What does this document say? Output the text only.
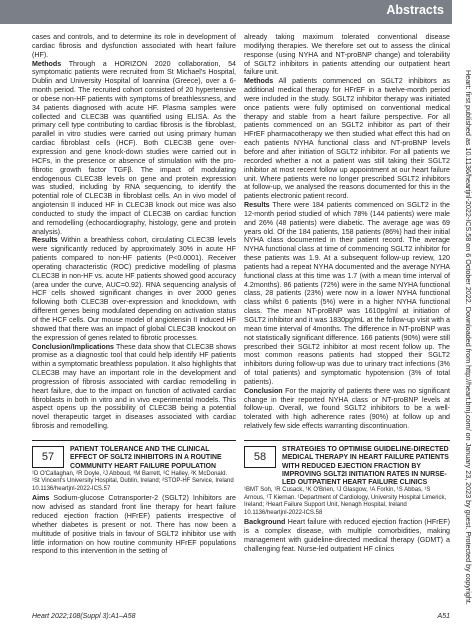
Abstracts
Heart: first published as 10.1136/heartjnl-2022-ICS.58 on 6 October 2022. Downloaded from http://heart.bmj.com/ on January 23, 2023 by guest. Protected by copyright.

cases and controls, and to determine its role in development of cardiac fibrosis and dysfunction associated with heart failure (HF).

Methods Through a HORIZON 2020 collaboration, 54 symptomatic patients were recruited from St Michael's Hospital, Dublin and University Hospital of Ioannina (Greece), over a 6-month period. The recruited cohort consisted of 20 hypertensive or obese non-HF patients with symptoms of breathlessness, and 34 patients diagnosed with acute HF. Plasma samples were collected and CLEC3B was quantified using ELISA. As the primary cell type contributing to cardiac fibrosis is the fibroblast, parallel in vitro studies were carried out using primary human cardiac fibroblast cells (HCF). Both CLEC3B gene over-expression and gene knock-down studies were carried out in HCFs, in the presence or absence of stimulation with the pro-fibrotic growth factor TGFβ. The impact of modulating endogenous CLEC3B levels on gene and protein expression was studied, including by RNA sequencing, to identify the potential role of CLEC3B in fibroblast cells. An in vivo model of angiotensin II induced HF in CLEC3B knock out mice was also conducted to study the impact of CLEC3B on cardiac function and remodelling (echocardiography, histology, gene and protein analysis).

Results Within a breathless cohort, circulating CLEC3B levels were significantly reduced by approximately 30% in acute HF patients compared to non-HF patients (P<0.0001). Receiver operating characteristic (ROC) predictive modelling of plasma CLEC3B in non-HF vs. acute HF patients showed good accuracy (area under the curve, AUC=0.92). RNA sequencing analysis of HCF cells showed significant changes in over 2000 genes following both CLEC3B over-expression and knockdown, with different genes being modulated depending on activation status of the HCF cells. Our mouse model of angiotensin II induced HF showed that there was an impact of global CLEC3B knockout on the expression of genes related to fibrotic processes.

Conclusion/Implications These data show that CLEC3B shows promise as a diagnostic tool that could help identify HF patients within a symptomatic breathless population. It also highlights that CLEC3B may have an important role in the development and progression of fibrosis associated with cardiac remodelling in heart failure, due to the impact on function of activated cardiac fibroblasts in both in vitro and in vivo experimental models. This aspect opens up the possibility of CLEC3B being a potential novel therapeutic target in diseases associated with cardiac fibrosis and remodelling.

57
PATIENT TOLERANCE AND THE CLINICAL EFFECT OF SGLT2 INHIBITORS IN A ROUTINE COMMUNITY HEART FAILURE POPULATION

¹D O'Callaghan, ²R Doyle, ²J Abboud, ³M Barrett, ²C Halley, ²K McDonald. ¹St Vincent's University Hospital, Dublin, Ireland; ²STOP-HF Service, Ireland

10.1136/heartjnl-2022-ICS.57

Aims Sodium-glucose Cotransporter-2 (SGLT2) Inhibitors are now advised as standard front line therapy for heart failure reduced ejection fraction (HFrEF) patients irrespective of whether diabetes is present or not. There has now been a multitude of positive trials in favour of SGLT2 inhibitor use with little information on how routine community HFrEF populations respond to this intervention in the setting of

already taking maximum tolerated conventional disease modifying therapies. We therefore set out to assess the clinical response (using NYHA and NT-proBNP change) and tolerability of SGLT2 inhibitors in patients attending our outpatient heart failure unit.

Methods All patients commenced on SGLT2 inhibitors as additional medical therapy for HFrEF in a twelve-month period were included in the study. SGLT2 inhibitor therapy was initiated once patients were fully optimised on conventional medical therapy and stable from a heart failure perspective. For all patients commenced on an SGLT2 inhibitor as part of their HFrEF pharmacotherapy we then studied what effect this had on each patients NYHA functional class and NT-proBNP levels before and after initiation of SGLT2 inhibitor. For all patients we recorded whether a not a patient was still taking their SGLT2 inhibitor at most recent follow up appointment at our heart failure unit. Where patients were no longer prescribed SGLT2 inhibitors at follow-up, we analysed the reasons documented for this in the patients electronic patient record.

Results There were 184 patients commenced on SGLT2 in the 12-month period studied of which 78% (144 patients) were male and 26% (48 patients) were diabetic. The average age was 69 years old. Of the 184 patients, 158 patients (86%) had their initial NYHA class documented in their patient record. The average NYHA functional class at time of commencing SGLT2 inhibitor for these patients was 1.9. At a subsequent follow-up review, 120 patients had a repeat NYHA documented and the average NYHA functional class at this time was 1.7 (with a mean time interval of 4.2months). 86 patients (72%) were in the same NYHA functional class, 28 patients (23%) were now in a lower NYHA functional class whilst 6 patients (5%) were in a higher NYHA functional class. The mean NT-proBNP was 1610pg/ml at initiation of SGLT2 inhibitor and it was 1830pg/mL at the follow-up visit with a mean time interval of 4months. The difference in NT-proBNP was not statistically significant difference. 166 patients (90%) were still prescribed their SGLT2 inhibitor at most recent follow up. The most common reasons patients had stopped their SGLT2 inhibitors during follow-up was due to urinary tract infections (3% of total patients) and symptomatic hypotension (3% of total patients).

Conclusion For the majority of patients there was no significant change in their reported NYHA class or NT-proBNP levels at follow-up. Overall, we found SGLT2 inhibitors to be a well-tolerated with high adherence rates (90%) at follow up and relatively few side effects warranting discontinuation.

58
STRATEGIES TO OPTIMISE GUIDELINE-DIRECTED MEDICAL THERAPY IN HEART FAILURE PATIENTS WITH REDUCED EJECTION FRACTION BY IMPROVING SGLT2I INITIATION RATES IN NURSE-LED OUTPATIENT HEART FAILURE CLINICS

¹BMT Soh, ¹R Cusack, ¹K O'Brien, ¹J Glasgow, ¹A Forkin, ¹S Abbas, ¹S Arnous, ¹T Kiernan. ¹Department of Cardiology, University Hospital Limerick, Ireland; ²Heart Failure Support Unit, Nenagh Hospital, Ireland

10.1136/heartjnl-2022-ICS.58

Background Heart failure with reduced ejection fraction (HFrEF) is a complex disease, with multiple comorbidities, making management with guideline-directed medical therapy (GDMT) a challenging feat. Nurse-led outpatient HF clinics

Heart 2022;108(Suppl 3):A1–A58	A51
